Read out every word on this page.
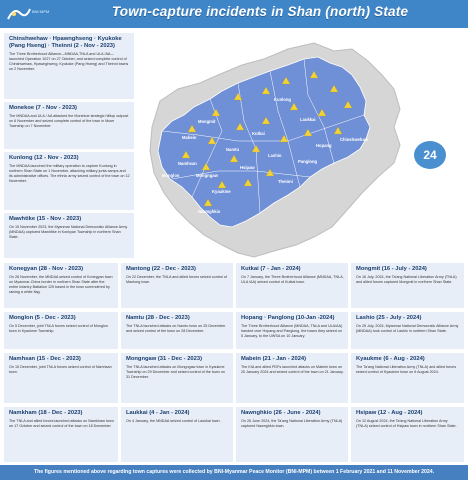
BNI·MPM	Town-capture incidents in Shan (north) State
Chinshwehaw · Hpawnghseng · Kyukoke (Pang Hseng) · Theinni (2 - Nov - 2023)
The Three Brotherhood Alliance—MNDAA,TNLA and ULA /AA— launched Operation 1027 on 27 October, and seized complete control of Chinshwehaw, Hpawnghseng, Kyukoke (Pang Hseng) and Theinni towns on 2 November.
Monekoe (7 - Nov - 2023)
The MNDAA and ULA / AA attacked the Monekoe strategic hilltop outpost on 6 November and seized complete control of the town in Muse Township on 7 November.
Kunlong (12 - Nov - 2023)
The MNDAA launched the military operation to capture Kunlong in northern Shan State on 1 November, attacking military junta camps and its administrative offices. The ethnic army seized control of the town on 12 November.
Mawhtike (15 - Nov - 2023)
On 15 November 2023, the Myanmar National Democratic Alliance Army (MNDAA) captured Mawhtike in Konkyan Township in northern Shan State.
Mabein
Mongmit
Kunlong
Laukkai
Chinshwehaw
Kutkai
Namhsan
Namtu
Monglon	Mongngaw
Kyaukme
Nawnghkio
Hsipaw
Lashio
Theinni
Hopang
Panglong	24
Konegyan (28 - Nov - 2023)
On 28 November, the MNDAA seized control of Konegyan town on Myanmar-China border in northern Shan State after the entire Infantry Battalion 125 based in the town surrendered by raising a white flag.
Mantong (22 - Dec - 2023)
On 22 December, the TNLA and allied forces seized control of Mantong town.
Kutkai (7 - Jan - 2024)
On 7 January, the Three Brotherhood Alliance (MNDAA, TNLA, ULA /AA) seized control of Kutkai town.
Mongmit (16 - July - 2024)
On 16 July, 2024, the Ta'ang National Liberation Army (TNLA) and allied forces captured Mongmit in northern Shan State.
Monglon (5 - Dec - 2023)
On 5 December, joint TNLA forces seized control of Monglon town in Kyaukme Township.
Namtu (28 - Dec - 2023)
The TNLA launched attacks on Namtu town on 25 December and seized control of the town on 28 December.
Hopang · Panglong (10-Jan -2024)
The Three Brotherhood Alliance (MNDAA, TNLA and ULA/AA) handed over Hopang and Panglong, the towns they seized on 5 January, to the UWSA on 10 January.
Lashio (25 - July - 2024)
On 25 July, 2024, Myanmar National Democratic Alliance Army (MNDAA) took control of Lashio in northern Shan State.
Namhsan (15 - Dec - 2023)
On 15 December, joint TNLA forces seized control of Namhsan town.
Mongngaw (31 - Dec - 2023)
The TNLA launched attacks on Mongngaw town in Kyaukme Township on 29 December and seized control of the town on 31 December.
Mabein (21 - Jan - 2024)
The KIA and allied PDFs launched attacks on Mabein town on 20 January 2024 and seized control of the town on 21 January.
Kyaukme (6 - Aug - 2024)
The Ta'ang National Liberation Army (TNLA) and allied forces seized control of Kyaukme town on 6 August 2024.
Namkham (18 - Dec - 2023)
The TNLA and allied forces launched attacks on Namkham town on 17 October and seized control of the town on 18 December.
Laukkai (4 - Jan - 2024)
On 4 January, the MNDAA seized control of Laukkai town.
Nawnghkio (26 - June - 2024)
On 26 June 2024, the Ta'ang National Liberation Army (TNLA) captured Nawnghkio town.
Hsipaw (12 - Aug - 2024)
On 12 August 2024, the Ta'ang National Liberation Army (TNLA) seized control of Hsipaw town in northern Shan State.
The figures mentioned above regarding town captures were collected by BNI-Myanmar Peace Monitor (BNI-MPM) between 1 February 2021 and 11 November 2024.
